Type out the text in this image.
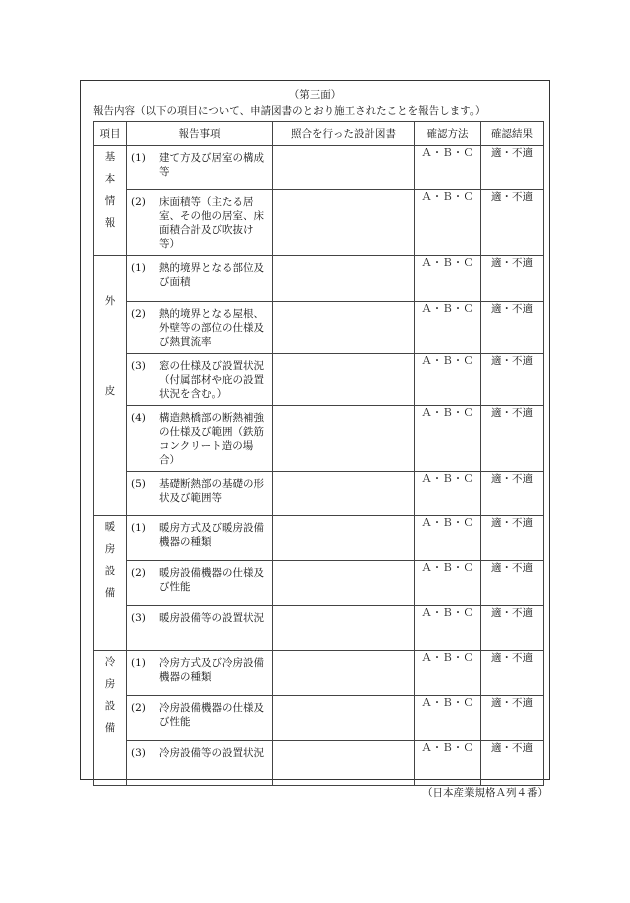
（第三面）
報告内容（以下の項目について、申請図書のとおり施工されたことを報告します。）
項目	報告事項	照合を行った設計図書	確認方法	確認結果

基
本
情
報	(1) 建て方及び居室の構成等		Ａ・Ｂ・Ｃ	適・不適

	(2) 床面積等（主たる居室、その他の居室、床面積合計及び吹抜け等）		Ａ・Ｂ・Ｃ	適・不適

外
皮	(1) 熱的境界となる部位及び面積		Ａ・Ｂ・Ｃ	適・不適

	(2) 熱的境界となる屋根、外壁等の部位の仕様及び熱貫流率		Ａ・Ｂ・Ｃ	適・不適

	(3) 窓の仕様及び設置状況（付属部材や庇の設置状況を含む。）		Ａ・Ｂ・Ｃ	適・不適

	(4) 構造熱橋部の断熱補強の仕様及び範囲（鉄筋コンクリート造の場合）		Ａ・Ｂ・Ｃ	適・不適

	(5) 基礎断熱部の基礎の形状及び範囲等		Ａ・Ｂ・Ｃ	適・不適

暖
房
設
備	(1) 暖房方式及び暖房設備機器の種類		Ａ・Ｂ・Ｃ	適・不適

	(2) 暖房設備機器の仕様及び性能		Ａ・Ｂ・Ｃ	適・不適

	(3) 暖房設備等の設置状況		Ａ・Ｂ・Ｃ	適・不適

冷
房
設
備	(1) 冷房方式及び冷房設備機器の種類		Ａ・Ｂ・Ｃ	適・不適

	(2) 冷房設備機器の仕様及び性能		Ａ・Ｂ・Ｃ	適・不適

	(3) 冷房設備等の設置状況		Ａ・Ｂ・Ｃ	適・不適
（日本産業規格Ａ列４番）
